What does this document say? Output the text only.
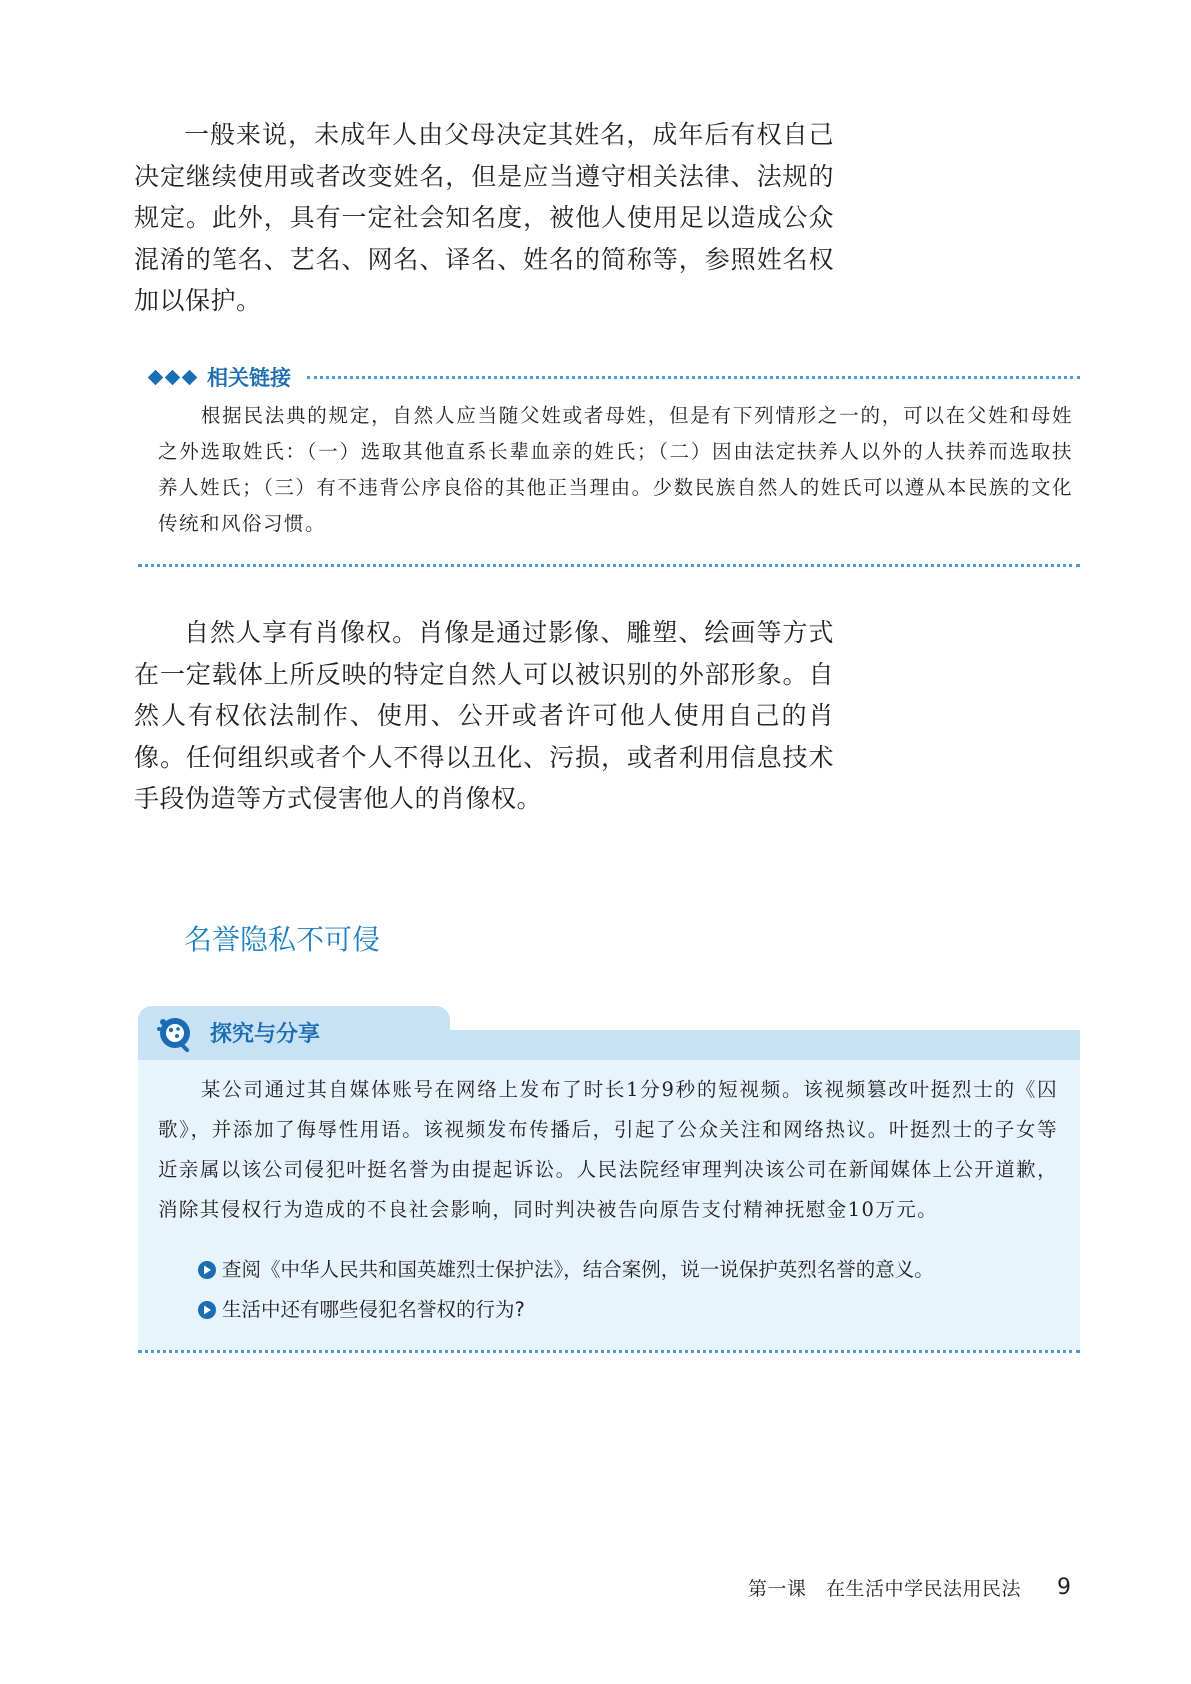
一般来说，未成年人由父母决定其姓名，成年后有权自己决定继续使用或者改变姓名，但是应当遵守相关法律、法规的规定。此外，具有一定社会知名度，被他人使用足以造成公众混淆的笔名、艺名、网名、译名、姓名的简称等，参照姓名权加以保护。

相关链接

根据民法典的规定，自然人应当随父姓或者母姓，但是有下列情形之一的，可以在父姓和母姓之外选取姓氏：（一）选取其他直系长辈血亲的姓氏；（二）因由法定扶养人以外的人扶养而选取扶养人姓氏；（三）有不违背公序良俗的其他正当理由。少数民族自然人的姓氏可以遵从本民族的文化传统和风俗习惯。

自然人享有肖像权。肖像是通过影像、雕塑、绘画等方式在一定载体上所反映的特定自然人可以被识别的外部形象。自然人有权依法制作、使用、公开或者许可他人使用自己的肖像。任何组织或者个人不得以丑化、污损，或者利用信息技术手段伪造等方式侵害他人的肖像权。

名誉隐私不可侵
探究与分享

某公司通过其自媒体账号在网络上发布了时长1分9秒的短视频。该视频篡改叶挺烈士的《囚歌》，并添加了侮辱性用语。该视频发布传播后，引起了公众关注和网络热议。叶挺烈士的子女等近亲属以该公司侵犯叶挺名誉为由提起诉讼。人民法院经审理判决该公司在新闻媒体上公开道歉，消除其侵权行为造成的不良社会影响，同时判决被告向原告支付精神抚慰金10万元。

查阅《中华人民共和国英雄烈士保护法》，结合案例，说一说保护英烈名誉的意义。
生活中还有哪些侵犯名誉权的行为?
第一课　在生活中学民法用民法 9
